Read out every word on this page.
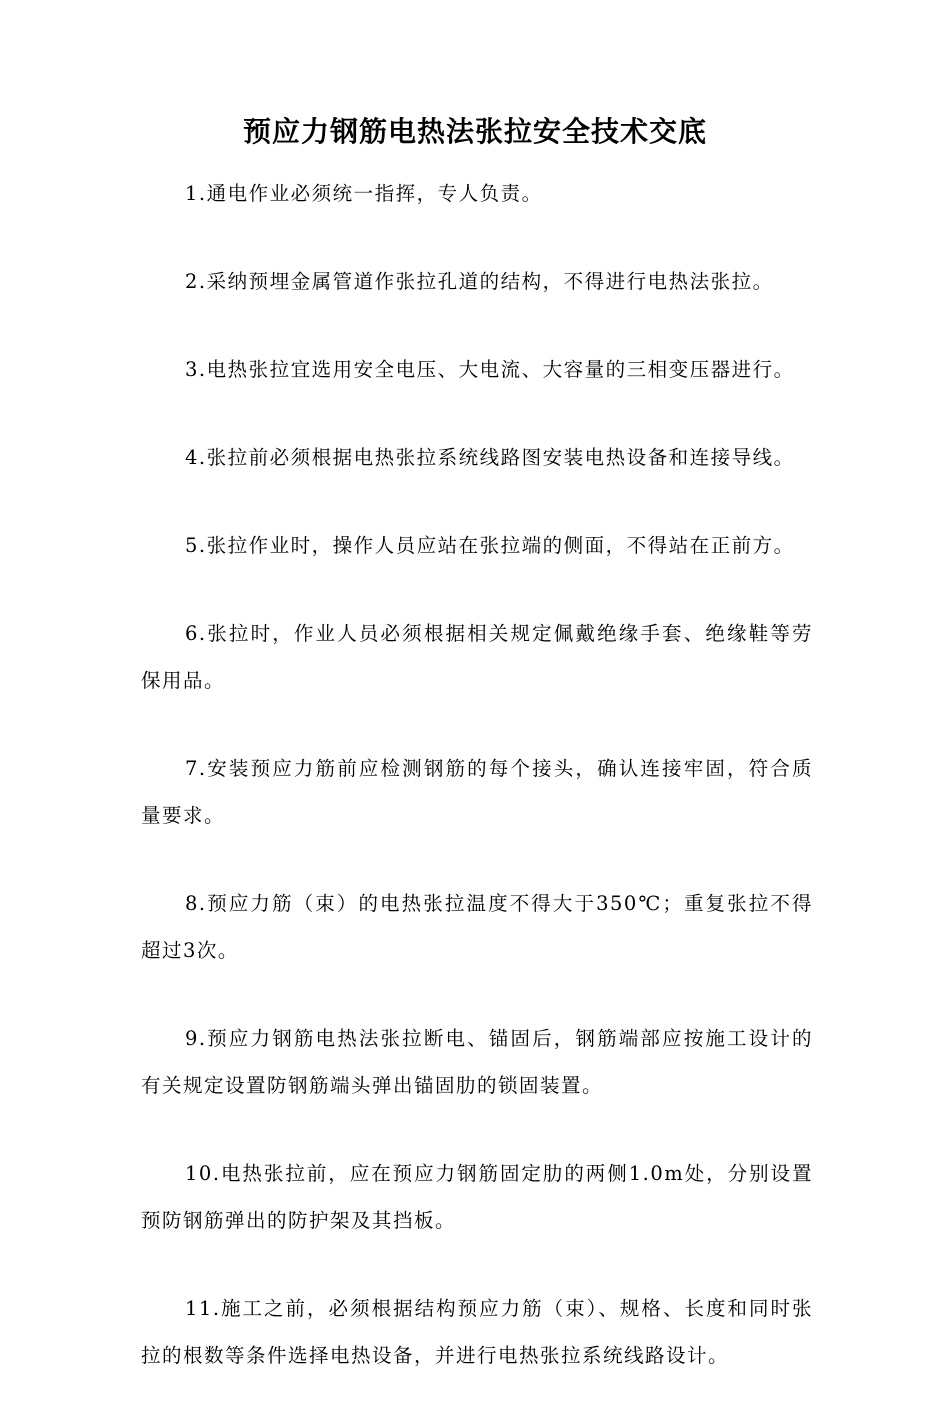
预应力钢筋电热法张拉安全技术交底

1.通电作业必须统一指挥，专人负责。

2.采纳预埋金属管道作张拉孔道的结构，不得进行电热法张拉。

3.电热张拉宜选用安全电压、大电流、大容量的三相变压器进行。

4.张拉前必须根据电热张拉系统线路图安装电热设备和连接导线。

5.张拉作业时，操作人员应站在张拉端的侧面，不得站在正前方。

6.张拉时，作业人员必须根据相关规定佩戴绝缘手套、绝缘鞋等劳保用品。

7.安装预应力筋前应检测钢筋的每个接头，确认连接牢固，符合质量要求。

8.预应力筋（束）的电热张拉温度不得大于350℃；重复张拉不得超过3次。

9.预应力钢筋电热法张拉断电、锚固后，钢筋端部应按施工设计的有关规定设置防钢筋端头弹出锚固肋的锁固装置。

10.电热张拉前，应在预应力钢筋固定肋的两侧1.0m处，分别设置预防钢筋弹出的防护架及其挡板。

11.施工之前，必须根据结构预应力筋（束）、规格、长度和同时张拉的根数等条件选择电热设备，并进行电热张拉系统线路设计。
